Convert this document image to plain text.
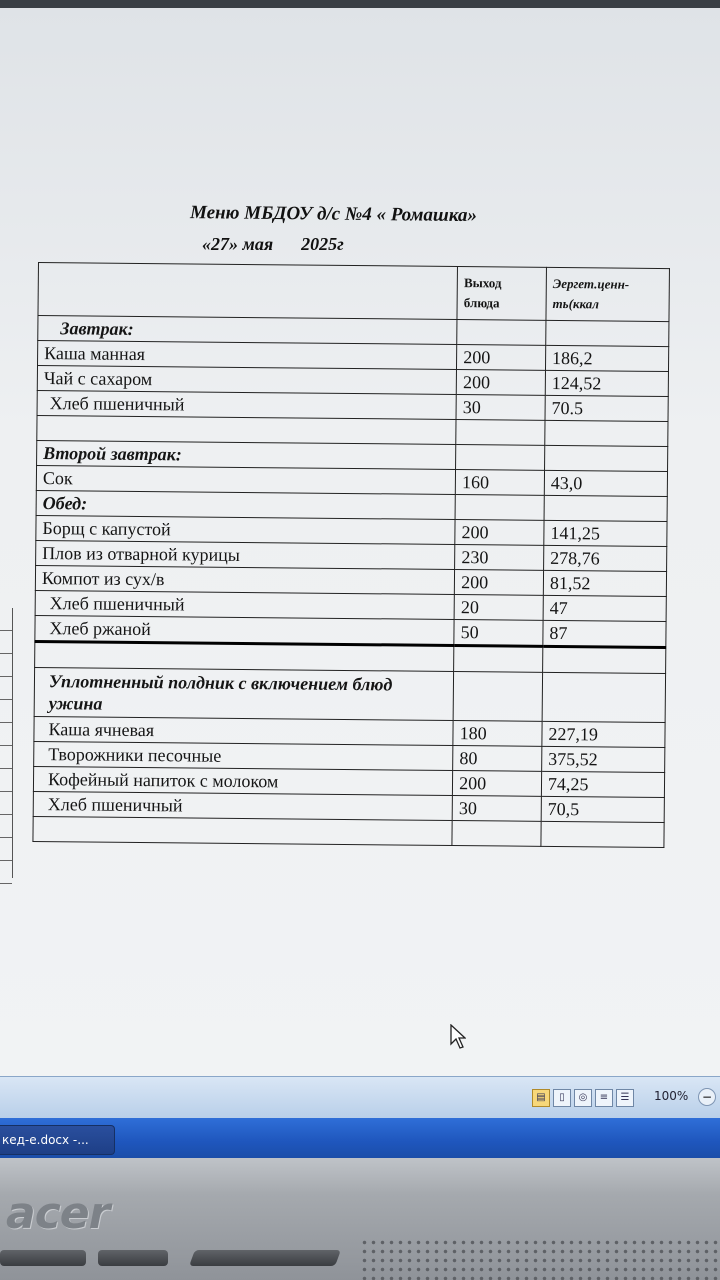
Меню МБДОУ д/с №4 « Ромашка»
«27» мая 2025г

	Выход блюда	Эергет.ценн-ть(ккал

Завтрак:		
Каша манная	200	186,2
Чай с сахаром	200	124,52
Хлеб пшеничный	30	70.5

Второй завтрак:		
Сок	160	43,0
Обед:		
Борщ с капустой	200	141,25
Плов из отварной курицы	230	278,76
Компот из сух/в	200	81,52
Хлеб пшеничный	20	47
Хлеб ржаной	50	87

Уплотненный полдник с включением блюд ужина		
Каша ячневая	180	227,19
Творожники песочные	80	375,52
Кофейный напиток с молоком	200	74,25
Хлеб пшеничный	30	70,5

▤	▯	◎	≡	☰	100%	−
кед-е.docx -...
acer
